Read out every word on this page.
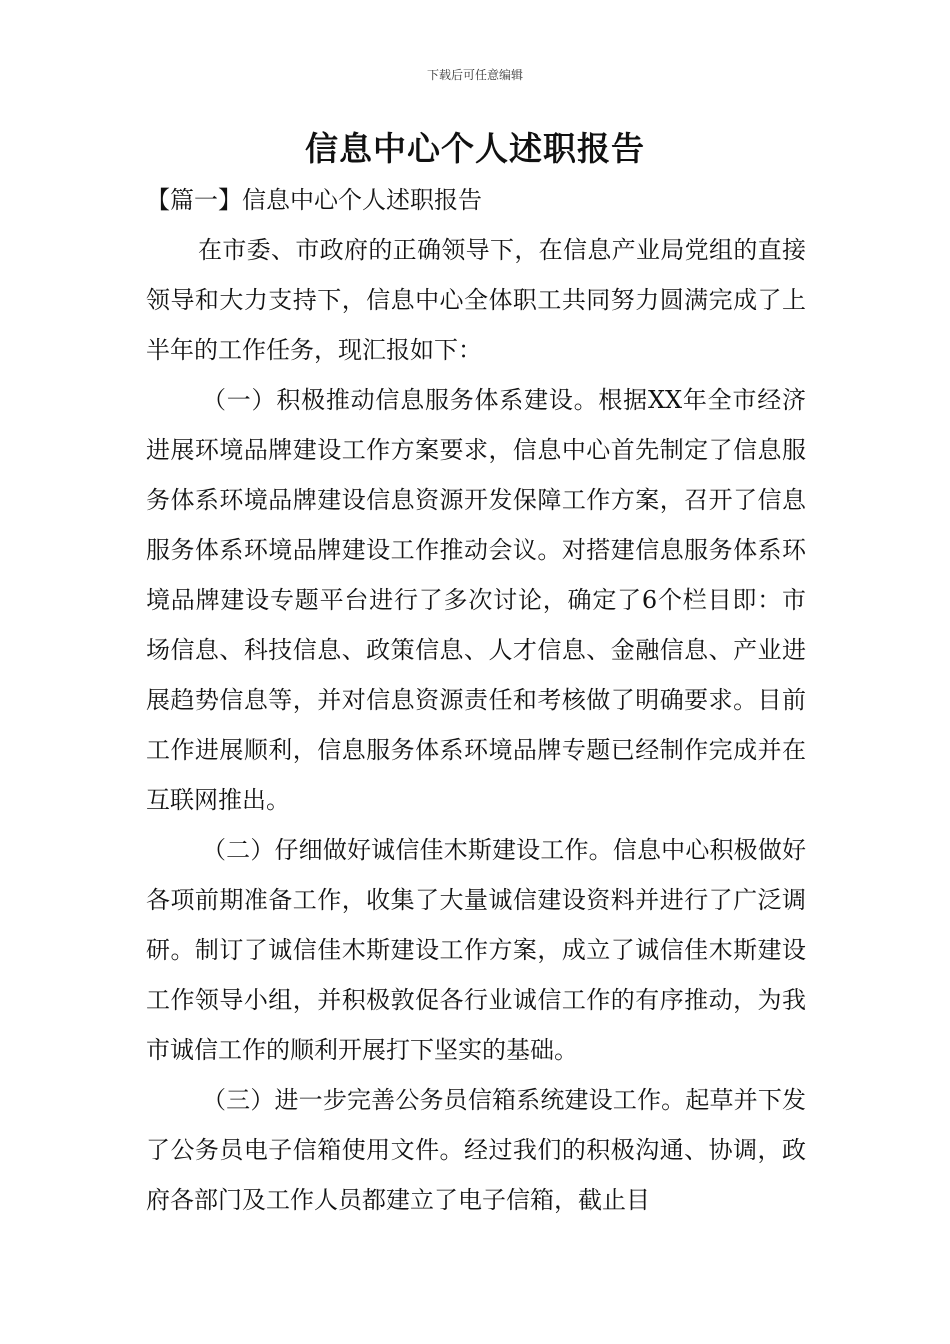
下载后可任意编辑
信息中心个人述职报告

【篇一】信息中心个人述职报告

在市委、市政府的正确领导下，在信息产业局党组的直接领导和大力支持下，信息中心全体职工共同努力圆满完成了上半年的工作任务，现汇报如下：

（一）积极推动信息服务体系建设。根据XX年全市经济进展环境品牌建设工作方案要求，信息中心首先制定了信息服务体系环境品牌建设信息资源开发保障工作方案，召开了信息服务体系环境品牌建设工作推动会议。对搭建信息服务体系环境品牌建设专题平台进行了多次讨论，确定了6个栏目即：市场信息、科技信息、政策信息、人才信息、金融信息、产业进展趋势信息等，并对信息资源责任和考核做了明确要求。目前工作进展顺利，信息服务体系环境品牌专题已经制作完成并在互联网推出。

（二）仔细做好诚信佳木斯建设工作。信息中心积极做好各项前期准备工作，收集了大量诚信建设资料并进行了广泛调研。制订了诚信佳木斯建设工作方案，成立了诚信佳木斯建设工作领导小组，并积极敦促各行业诚信工作的有序推动，为我市诚信工作的顺利开展打下坚实的基础。

（三）进一步完善公务员信箱系统建设工作。起草并下发了公务员电子信箱使用文件。经过我们的积极沟通、协调，政府各部门及工作人员都建立了电子信箱，截止目
